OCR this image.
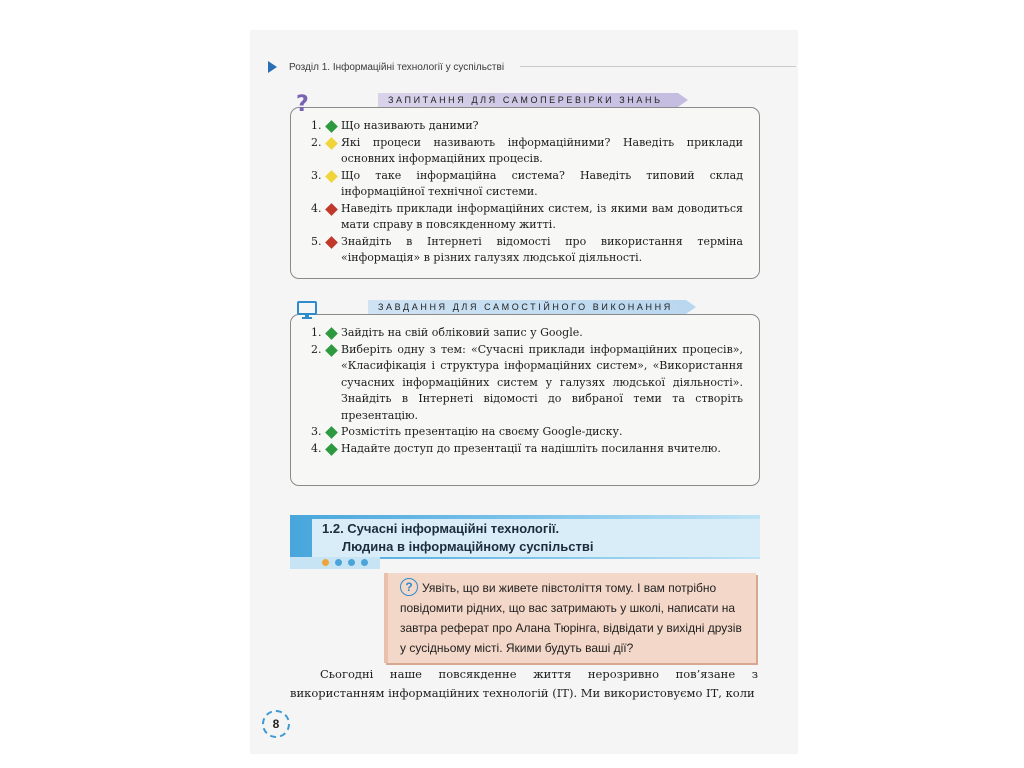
Розділ 1. Інформаційні технології у суспільстві
1.	Що називають даними?
2.	Які процеси називають інформаційними? Наведіть приклади основних інформаційних процесів.
3.	Що таке інформаційна система? Наведіть типовий склад інформаційної технічної системи.
4.	Наведіть приклади інформаційних систем, із якими вам доводиться мати справу в повсякденному житті.
5.	Знайдіть в Інтернеті відомості про використання терміна «інформація» в різних галузях людської діяльності.
ЗАПИТАННЯ ДЛЯ САМОПЕРЕВІРКИ ЗНАНЬ
?
1.	Зайдіть на свій обліковий запис у Google.
2.	Виберіть одну з тем: «Сучасні приклади інформаційних процесів», «Класифікація і структура інформаційних систем», «Використання сучасних інформаційних систем у галузях людської діяльності». Знайдіть в Інтернеті відомості до вибраної теми та створіть презентацію.
3.	Розмістіть презентацію на своєму Google-диску.
4.	Надайте доступ до презентації та надішліть посилання вчителю.
ЗАВДАННЯ ДЛЯ САМОСТІЙНОГО ВИКОНАННЯ
1.2. Сучасні інформаційні технології.
Людина в інформаційному суспільстві
? Уявіть, що ви живете півстоліття тому. І вам потрібно повідомити рідних, що вас затримають у школі, написати на завтра реферат про Алана Тюрінга, відвідати у вихідні друзів у сусідньому місті. Якими будуть ваші дії?
Сьогодні наше повсякденне життя нерозривно пов’язане з використанням інформаційних технологій (ІТ). Ми використовуємо ІТ, коли
8
